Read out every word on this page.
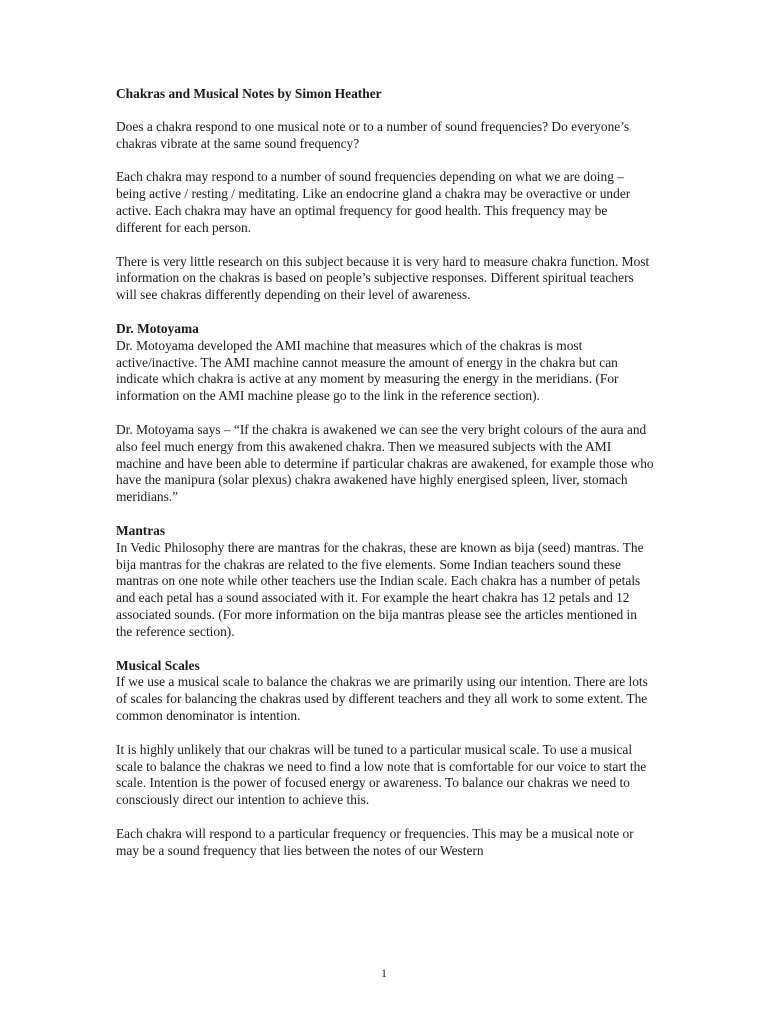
Chakras and Musical Notes by Simon Heather

Does a chakra respond to one musical note or to a number of sound frequencies? Do everyone’s chakras vibrate at the same sound frequency?

Each chakra may respond to a number of sound frequencies depending on what we are doing – being active / resting / meditating. Like an endocrine gland a chakra may be overactive or under active. Each chakra may have an optimal frequency for good health. This frequency may be different for each person.

There is very little research on this subject because it is very hard to measure chakra function. Most information on the chakras is based on people’s subjective responses. Different spiritual teachers will see chakras differently depending on their level of awareness.

Dr. Motoyama

Dr. Motoyama developed the AMI machine that measures which of the chakras is most active/inactive. The AMI machine cannot measure the amount of energy in the chakra but can indicate which chakra is active at any moment by measuring the energy in the meridians. (For information on the AMI machine please go to the link in the reference section).

Dr. Motoyama says – “If the chakra is awakened we can see the very bright colours of the aura and also feel much energy from this awakened chakra. Then we measured subjects with the AMI machine and have been able to determine if particular chakras are awakened, for example those who have the manipura (solar plexus) chakra awakened have highly energised spleen, liver, stomach meridians.”

Mantras

In Vedic Philosophy there are mantras for the chakras, these are known as bija (seed) mantras. The bija mantras for the chakras are related to the five elements. Some Indian teachers sound these mantras on one note while other teachers use the Indian scale. Each chakra has a number of petals and each petal has a sound associated with it. For example the heart chakra has 12 petals and 12 associated sounds. (For more information on the bija mantras please see the articles mentioned in the reference section).

Musical Scales

If we use a musical scale to balance the chakras we are primarily using our intention. There are lots of scales for balancing the chakras used by different teachers and they all work to some extent. The common denominator is intention.

It is highly unlikely that our chakras will be tuned to a particular musical scale. To use a musical scale to balance the chakras we need to find a low note that is comfortable for our voice to start the scale. Intention is the power of focused energy or awareness. To balance our chakras we need to consciously direct our intention to achieve this.

Each chakra will respond to a particular frequency or frequencies. This may be a musical note or may be a sound frequency that lies between the notes of our Western

1
